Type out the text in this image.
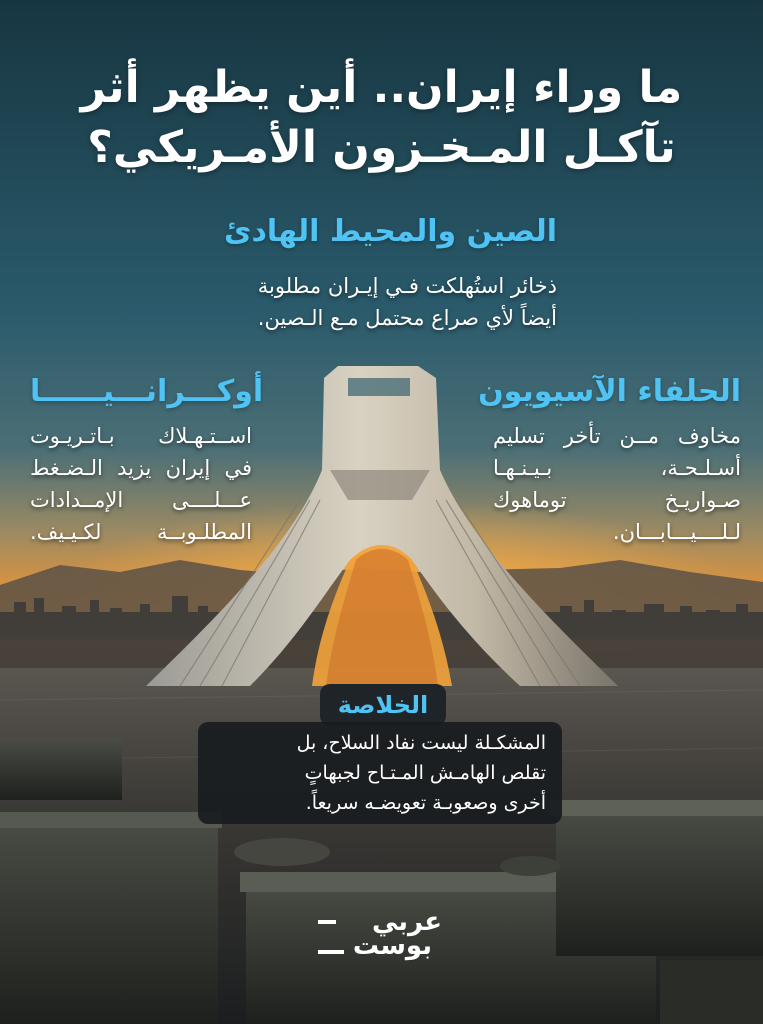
ما وراء إيران.. أين يظهر أثر
تآكـل المـخـزون الأمـريكي؟
الصين والمحيط الهادئ
ذخائر استُهلكت فـي إيـران مطلوبة
أيضاً لأي صراع محتمل مـع الـصين.
أوكـــرانـــيــــــا
اســتـهـلاك بـاتـريـوت
في إيران يزيد الـضـغط
عـــلــــى الإمــدادات
المطلـوبــة لكـيـيف.
الحلفاء الآسيويون
مخاوف مــن تأخر تسليم
أسـلـحـة، بـيـنـهـا
صـواريـخ توماهوك
لـلــــيـــابـــان.
الخلاصة
المشكـلة ليست نفاد السلاح، بل
تقلص الهامـش المـتـاح لجبهاتٍ
أخرى وصعوبـة تعويضـه سريعاً.
عربي
بوست
